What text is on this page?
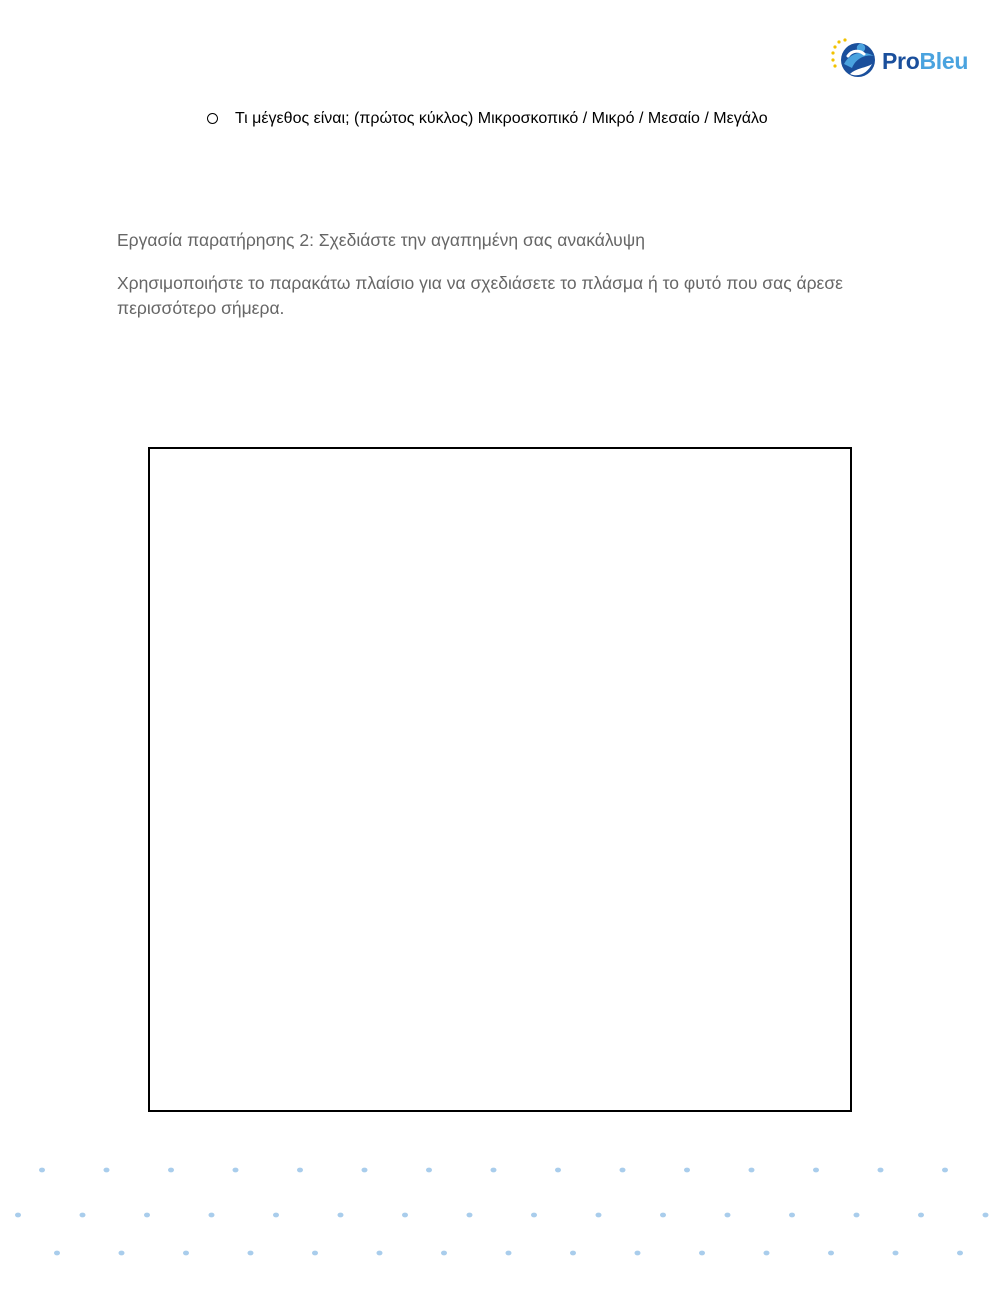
ProBleu
Τι μέγεθος είναι; (πρώτος κύκλος) Μικροσκοπικό / Μικρό / Μεσαίο / Μεγάλο
Εργασία παρατήρησης 2: Σχεδιάστε την αγαπημένη σας ανακάλυψη
Χρησιμοποιήστε το παρακάτω πλαίσιο για να σχεδιάσετε το πλάσμα ή το φυτό που σας άρεσε περισσότερο σήμερα.
